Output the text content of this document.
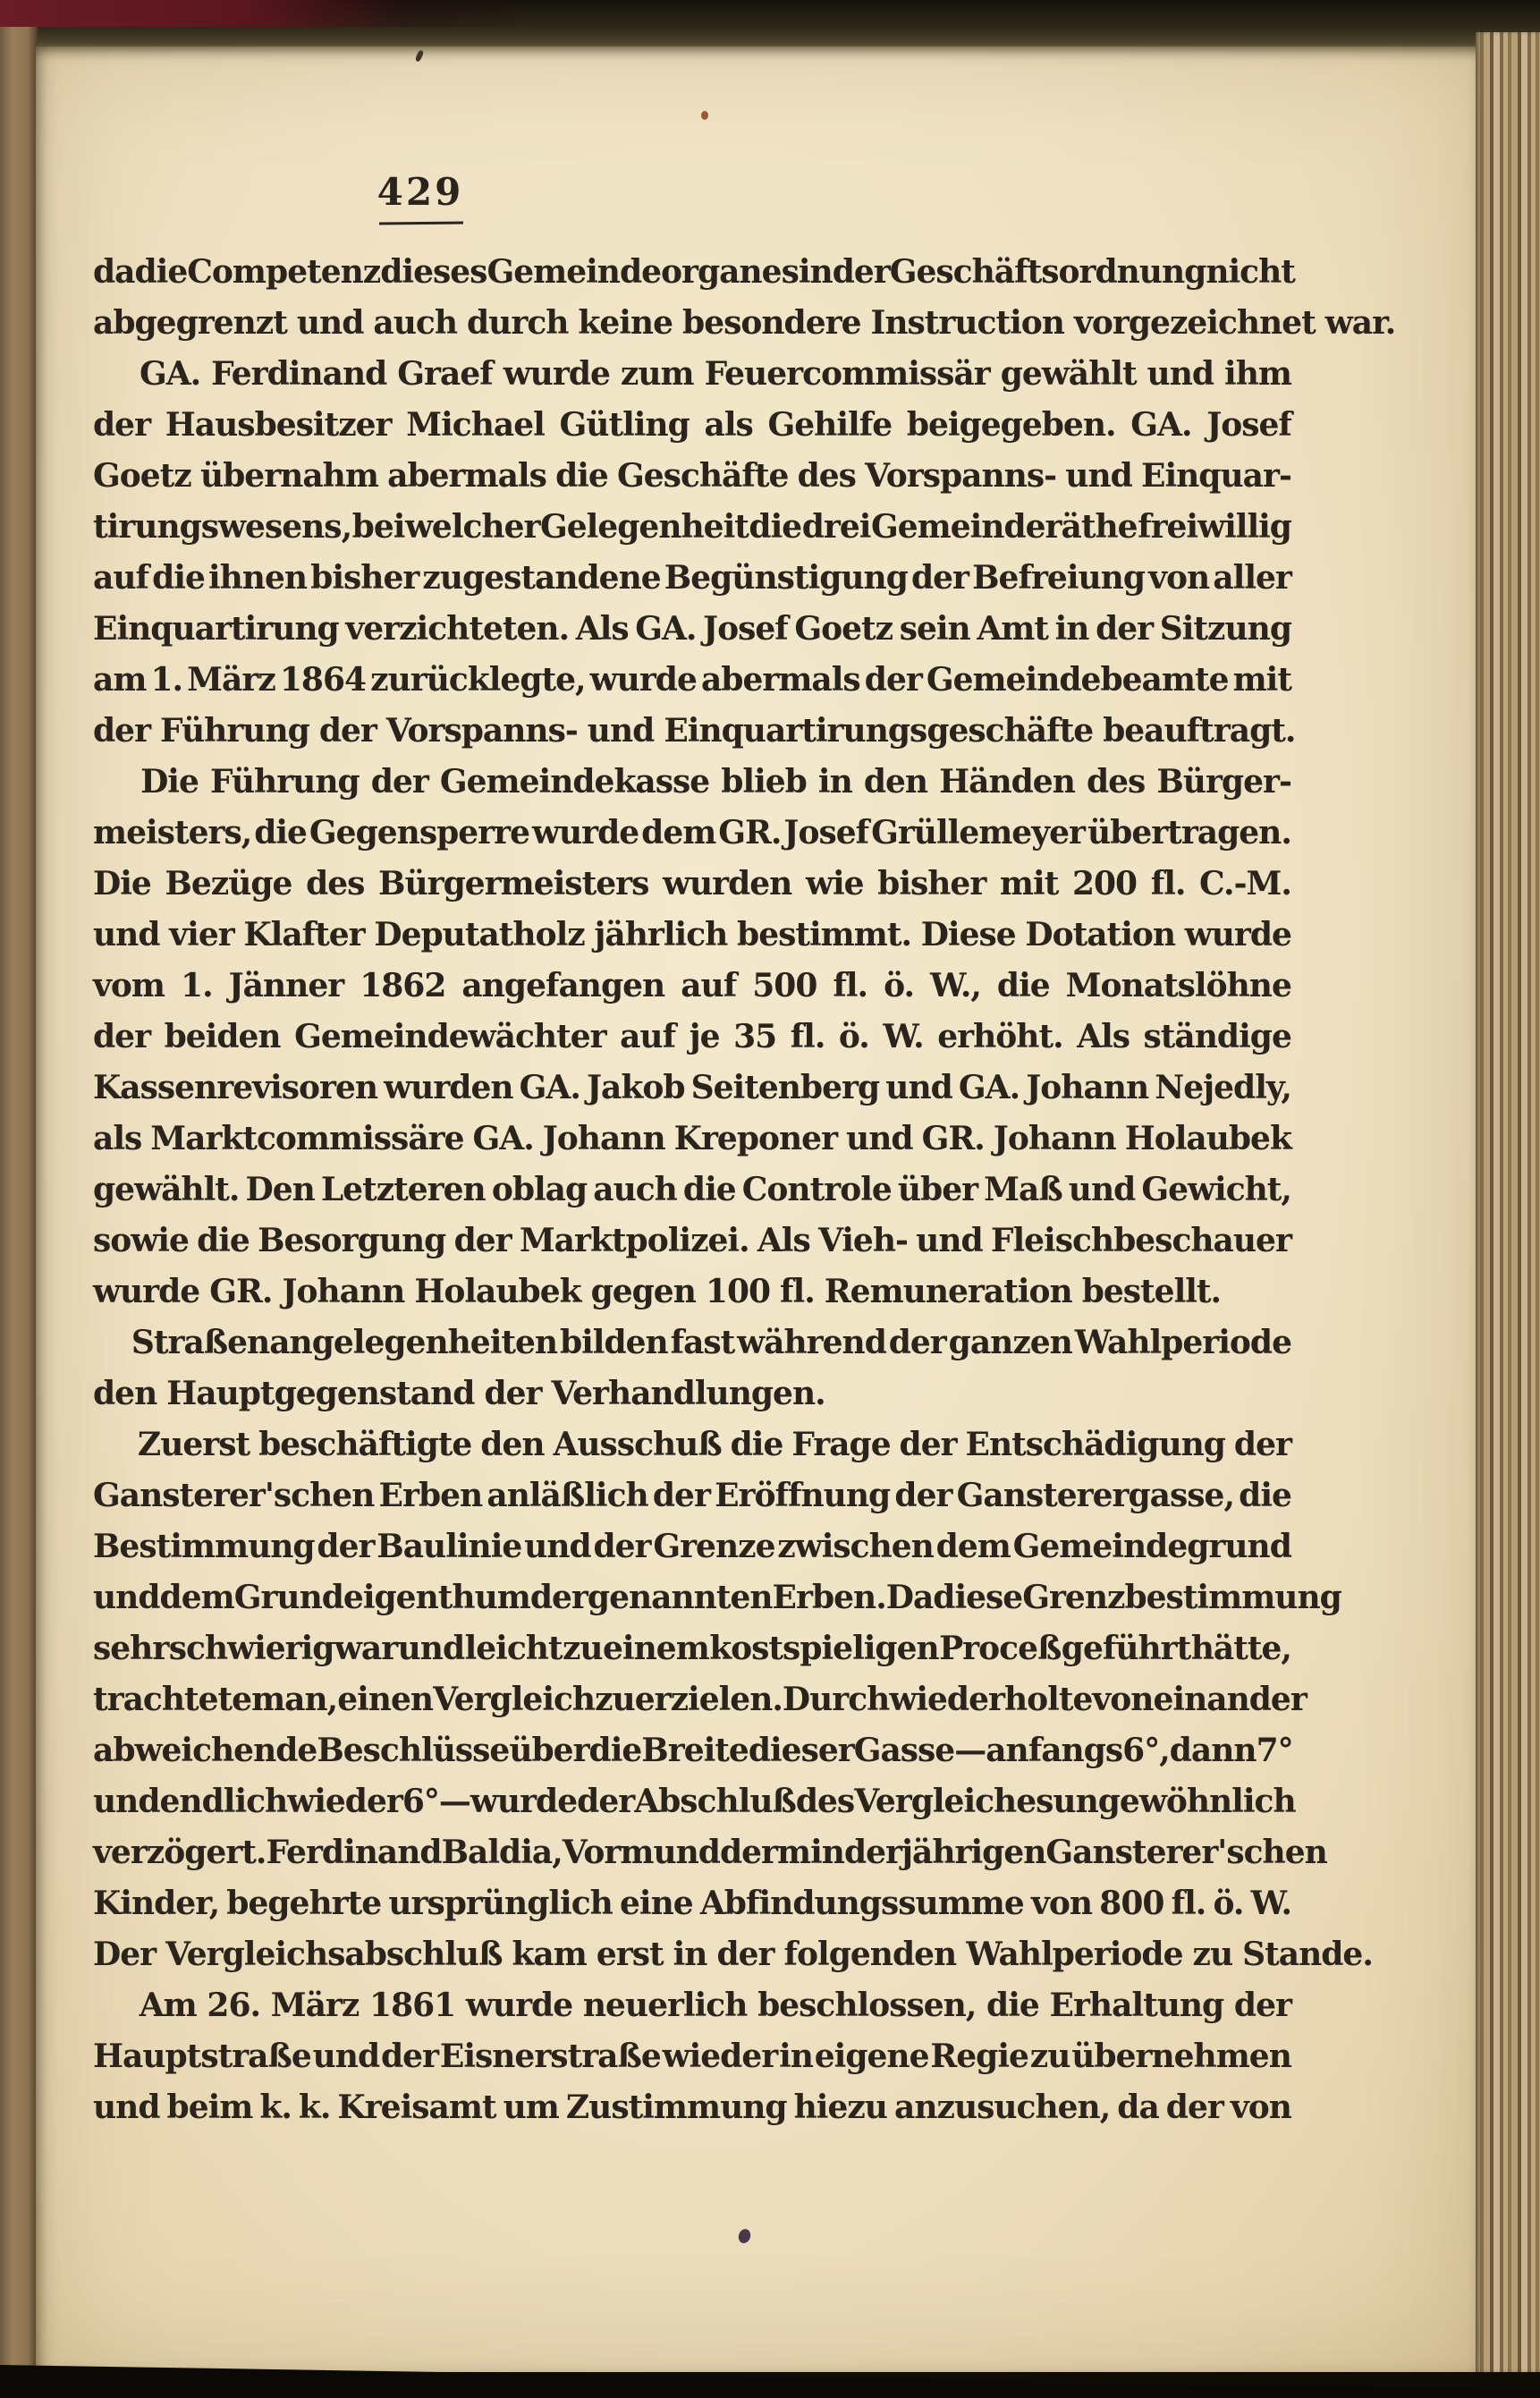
429
da die Competenz dieses Gemeindeorganes in der Geschäftsordnung nicht
abgegrenzt und auch durch keine besondere Instruction vorgezeichnet war.
GA. Ferdinand Graef wurde zum Feuercommissär gewählt und ihm
der Hausbesitzer Michael Gütling als Gehilfe beigegeben. GA. Josef
Goetz übernahm abermals die Geschäfte des Vorspanns- und Einquar-
tirungswesens, bei welcher Gelegenheit die drei Gemeinderäthe freiwillig
auf die ihnen bisher zugestandene Begünstigung der Befreiung von aller
Einquartirung verzichteten. Als GA. Josef Goetz sein Amt in der Sitzung
am 1. März 1864 zurücklegte, wurde abermals der Gemeindebeamte mit
der Führung der Vorspanns- und Einquartirungsgeschäfte beauftragt.
Die Führung der Gemeindekasse blieb in den Händen des Bürger-
meisters, die Gegensperre wurde dem GR. Josef Grüllemeyer übertragen.
Die Bezüge des Bürgermeisters wurden wie bisher mit 200 fl. C.-M.
und vier Klafter Deputatholz jährlich bestimmt. Diese Dotation wurde
vom 1. Jänner 1862 angefangen auf 500 fl. ö. W., die Monatslöhne
der beiden Gemeindewächter auf je 35 fl. ö. W. erhöht. Als ständige
Kassenrevisoren wurden GA. Jakob Seitenberg und GA. Johann Nejedly,
als Marktcommissäre GA. Johann Kreponer und GR. Johann Holaubek
gewählt. Den Letzteren oblag auch die Controle über Maß und Gewicht,
sowie die Besorgung der Marktpolizei. Als Vieh- und Fleischbeschauer
wurde GR. Johann Holaubek gegen 100 fl. Remuneration bestellt.
Straßenangelegenheiten bilden fast während der ganzen Wahlperiode
den Hauptgegenstand der Verhandlungen.
Zuerst beschäftigte den Ausschuß die Frage der Entschädigung der
Gansterer'schen Erben anläßlich der Eröffnung der Gansterergasse, die
Bestimmung der Baulinie und der Grenze zwischen dem Gemeindegrund
und dem Grundeigenthum der genannten Erben. Da diese Grenzbestimmung
sehr schwierig war und leicht zu einem kostspieligen Proceß geführt hätte,
trachtete man, einen Vergleich zu erzielen. Durch wiederholte von einander
abweichende Beschlüsse über die Breite dieser Gasse — anfangs 6°, dann 7°
und endlich wieder 6° — wurde der Abschluß des Vergleiches ungewöhnlich
verzögert. Ferdinand Baldia, Vormund der minderjährigen Gansterer'schen
Kinder, begehrte ursprünglich eine Abfindungssumme von 800 fl. ö. W.
Der Vergleichsabschluß kam erst in der folgenden Wahlperiode zu Stande.
Am 26. März 1861 wurde neuerlich beschlossen, die Erhaltung der
Hauptstraße und der Eisnerstraße wieder in eigene Regie zu übernehmen
und beim k. k. Kreisamt um Zustimmung hiezu anzusuchen, da der von
